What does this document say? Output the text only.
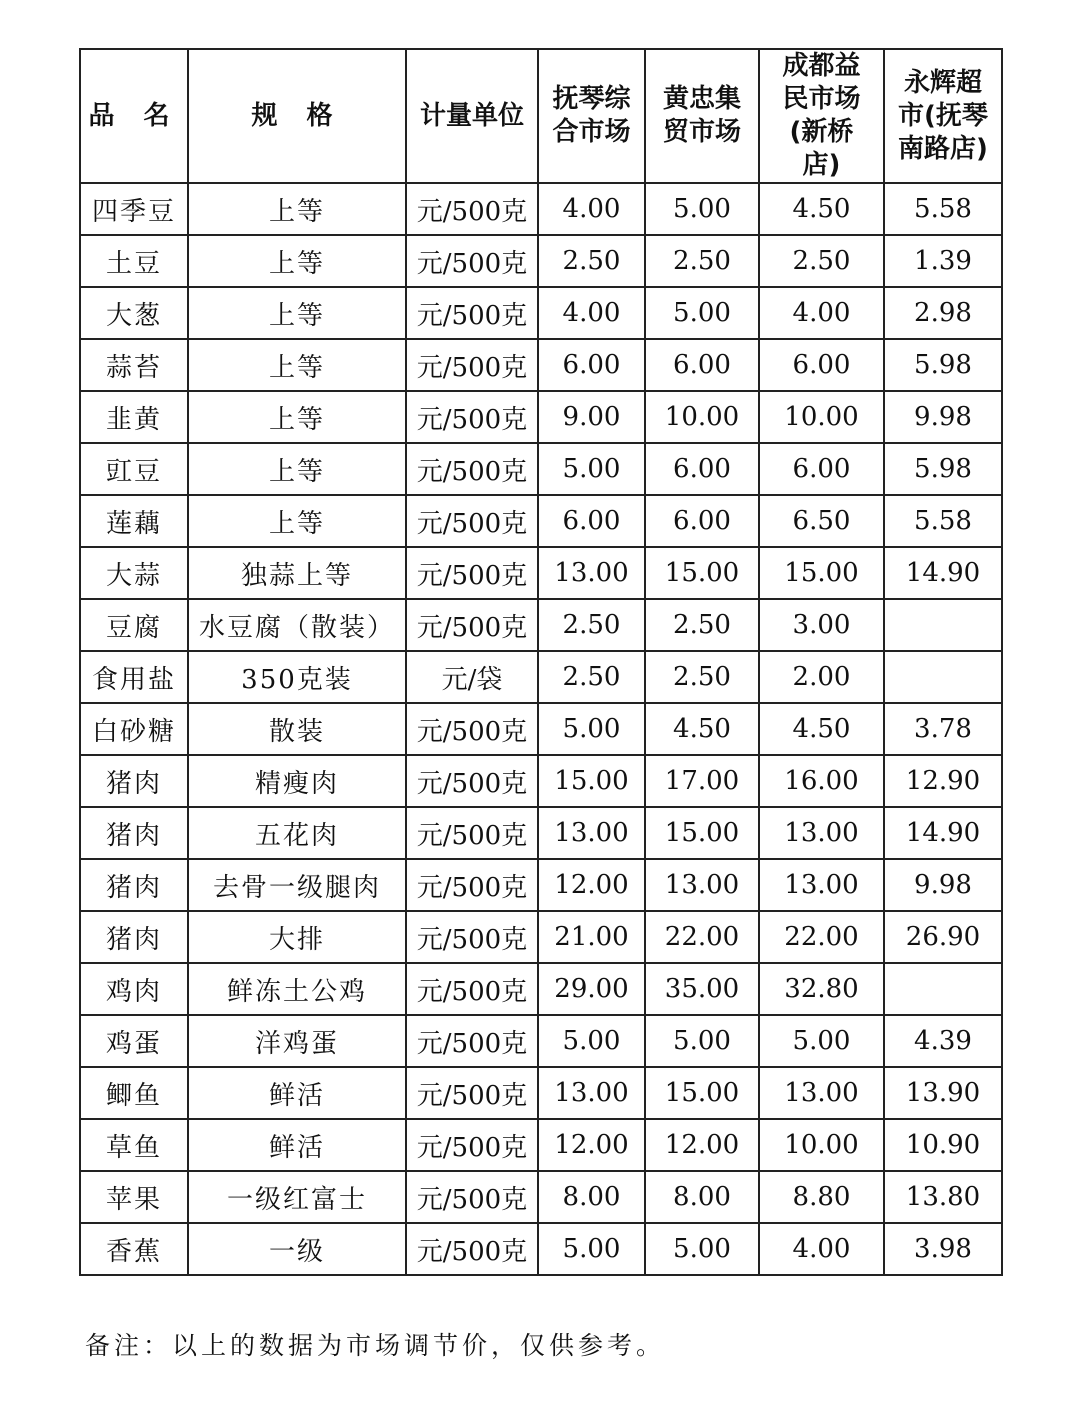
品 名	规 格	计量单位	抚琴综合市场	黄忠集贸市场	成都益民市场(新桥店)	永辉超市(抚琴南路店)
四季豆	上等	元/500克	4.00	5.00	4.50	5.58
土豆	上等	元/500克	2.50	2.50	2.50	1.39
大葱	上等	元/500克	4.00	5.00	4.00	2.98
蒜苔	上等	元/500克	6.00	6.00	6.00	5.98
韭黄	上等	元/500克	9.00	10.00	10.00	9.98
豇豆	上等	元/500克	5.00	6.00	6.00	5.98
莲藕	上等	元/500克	6.00	6.00	6.50	5.58
大蒜	独蒜上等	元/500克	13.00	15.00	15.00	14.90
豆腐	水豆腐（散装）	元/500克	2.50	2.50	3.00	
食用盐	350克装	元/袋	2.50	2.50	2.00	
白砂糖	散装	元/500克	5.00	4.50	4.50	3.78
猪肉	精瘦肉	元/500克	15.00	17.00	16.00	12.90
猪肉	五花肉	元/500克	13.00	15.00	13.00	14.90
猪肉	去骨一级腿肉	元/500克	12.00	13.00	13.00	9.98
猪肉	大排	元/500克	21.00	22.00	22.00	26.90
鸡肉	鲜冻土公鸡	元/500克	29.00	35.00	32.80	
鸡蛋	洋鸡蛋	元/500克	5.00	5.00	5.00	4.39
鲫鱼	鲜活	元/500克	13.00	15.00	13.00	13.90
草鱼	鲜活	元/500克	12.00	12.00	10.00	10.90
苹果	一级红富士	元/500克	8.00	8.00	8.80	13.80
香蕉	一级	元/500克	5.00	5.00	4.00	3.98
备注：以上的数据为市场调节价，仅供参考。
